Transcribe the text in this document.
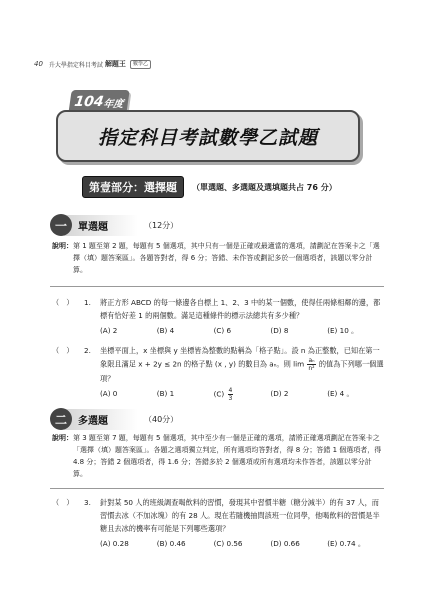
40 升大學指定科目考試 解題王	數學乙
104
年度
指定科目考試數學乙試題
第壹部分：選擇題	（單選題、多選題及選填題共占 76 分）
一	單選題	（12分）
說明： 第 1 題至第 2 題，每題有 5 個選項，其中只有一個是正確或最適當的選項，請劃記在答案卡之「選擇（填）題答案區」。各題答對者，得 6 分；答錯、未作答或劃記多於一個選項者，該題以零分計算。
（　）	1.	將正方形 ABCD 的每一條邊各自標上 1、2、3 中的某一個數，使得任兩條相鄰的邊，都標有恰好差 1 的兩個數。滿足這種條件的標示法總共有多少種？
(A) 2	(B) 4	(C) 6	(D) 8	(E) 10 。
（　）	2.	坐標平面上，x 坐標與 y 坐標皆為整數的點稱為「格子點」。設 n 為正整數，已知在第一象限且滿足 x + 2y ≤ 2n 的格子點 (x , y) 的數目為 aₙ。則 $\lim \frac{\text{aₙ}}{\text{n²}}$ 的值為下列哪一個選項？
(A) 0	(B) 1	$(C) \frac{4}{3}$	(D) 2	(E) 4 。
二	多選題	（40分）
說明： 第 3 題至第 7 題，每題有 5 個選項，其中至少有一個是正確的選項，請將正確選項劃記在答案卡之「選擇（填）題答案區」。各題之選項獨立判定，所有選項均答對者，得 8 分；答錯 1 個選項者，得 4.8 分；答錯 2 個選項者，得 1.6 分；答錯多於 2 個選項或所有選項均未作答者，該題以零分計算。
（　）	3.	針對某 50 人的班級調查喝飲料的習慣，發現其中習慣半糖（糖分減半）的有 37 人，而習慣去冰（不加冰塊）的有 28 人。現在若隨機抽問該班一位同學，他喝飲料的習慣是半糖且去冰的機率有可能是下列哪些選項？
(A) 0.28	(B) 0.46	(C) 0.56	(D) 0.66	(E) 0.74 。
